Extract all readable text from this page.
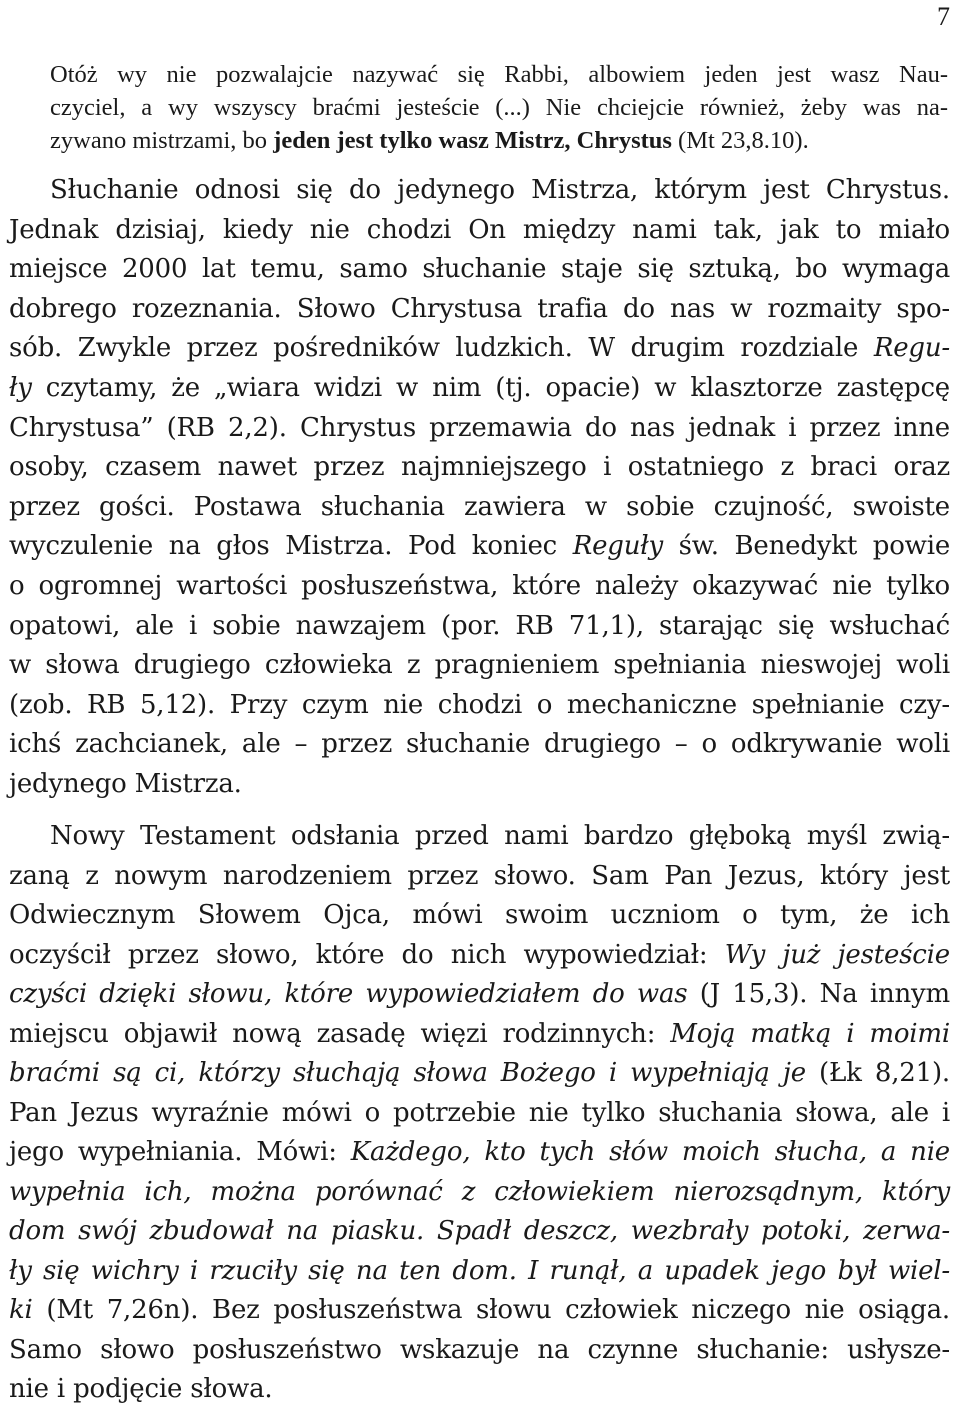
7
Otóż wy nie pozwalajcie nazywać się Rabbi, albowiem jeden jest wasz Nau-
czyciel, a wy wszyscy braćmi jesteście (...) Nie chciejcie również, żeby was na-
zywano mistrzami, bo jeden jest tylko wasz Mistrz, Chrystus (Mt 23,8.10).
Słuchanie odnosi się do jedynego Mistrza, którym jest Chrystus.
Jednak dzisiaj, kiedy nie chodzi On między nami tak, jak to miało
miejsce 2000 lat temu, samo słuchanie staje się sztuką, bo wymaga
dobrego rozeznania. Słowo Chrystusa trafia do nas w rozmaity spo-
sób. Zwykle przez pośredników ludzkich. W drugim rozdziale Regu-
ły czytamy, że „wiara widzi w nim (tj. opacie) w klasztorze zastępcę
Chrystusa” (RB 2,2). Chrystus przemawia do nas jednak i przez inne
osoby, czasem nawet przez najmniejszego i ostatniego z braci oraz
przez gości. Postawa słuchania zawiera w sobie czujność, swoiste
wyczulenie na głos Mistrza. Pod koniec Reguły św. Benedykt powie
o ogromnej wartości posłuszeństwa, które należy okazywać nie tylko
opatowi, ale i sobie nawzajem (por. RB 71,1), starając się wsłuchać
w słowa drugiego człowieka z pragnieniem spełniania nieswojej woli
(zob. RB 5,12). Przy czym nie chodzi o mechaniczne spełnianie czy-
ichś zachcianek, ale – przez słuchanie drugiego – o odkrywanie woli
jedynego Mistrza.
Nowy Testament odsłania przed nami bardzo głęboką myśl zwią-
zaną z nowym narodzeniem przez słowo. Sam Pan Jezus, który jest
Odwiecznym Słowem Ojca, mówi swoim uczniom o tym, że ich
oczyścił przez słowo, które do nich wypowiedział: Wy już jesteście
czyści dzięki słowu, które wypowiedziałem do was (J 15,3). Na innym
miejscu objawił nową zasadę więzi rodzinnych: Moją matką i moimi
braćmi są ci, którzy słuchają słowa Bożego i wypełniają je (Łk 8,21).
Pan Jezus wyraźnie mówi o potrzebie nie tylko słuchania słowa, ale i
jego wypełniania. Mówi: Każdego, kto tych słów moich słucha, a nie
wypełnia ich, można porównać z człowiekiem nierozsądnym, który
dom swój zbudował na piasku. Spadł deszcz, wezbrały potoki, zerwa-
ły się wichry i rzuciły się na ten dom. I runął, a upadek jego był wiel-
ki (Mt 7,26n). Bez posłuszeństwa słowu człowiek niczego nie osiąga.
Samo słowo posłuszeństwo wskazuje na czynne słuchanie: usłysze-
nie i podjęcie słowa.
